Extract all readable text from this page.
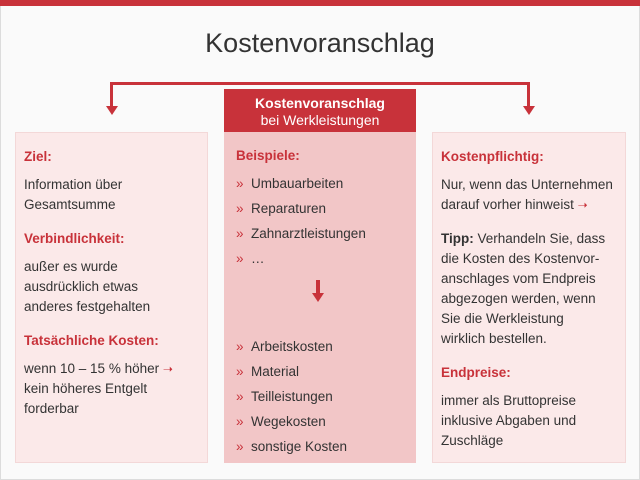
Kostenvoranschlag
Kostenvoranschlag
bei Werkleistungen
Ziel:
Information über
Gesamtsumme
Verbindlichkeit:
außer es wurde
ausdrücklich etwas
anderes festgehalten
Tatsächliche Kosten:
wenn 10 – 15 % höher ➝
kein höheres Entgelt
forderbar
Beispiele:
» Umbauarbeiten
» Reparaturen
» Zahnarztleistungen
» …
» Arbeitskosten
» Material
» Teilleistungen
» Wegekosten
» sonstige Kosten
Kostenpflichtig:
Nur, wenn das Unternehmen
darauf vorher hinweist ➝
Tipp: Verhandeln Sie, dass
die Kosten des Kostenvor-
anschlages vom Endpreis
abgezogen werden, wenn
Sie die Werkleistung
wirklich bestellen.
Endpreise:
immer als Bruttopreise
inklusive Abgaben und
Zuschläge
